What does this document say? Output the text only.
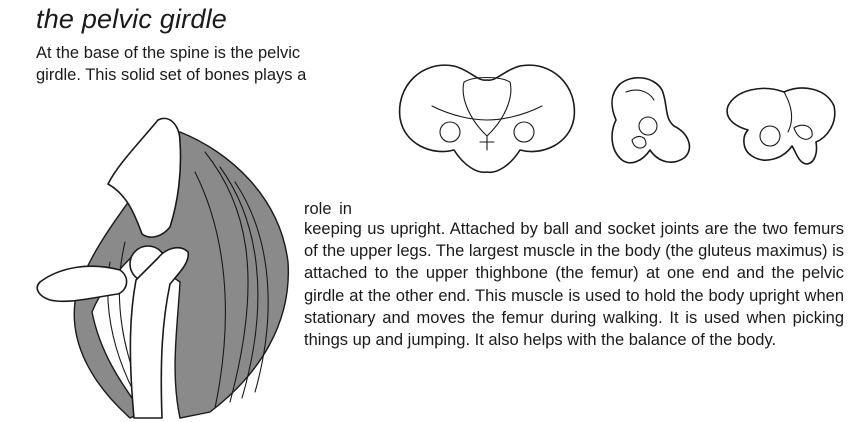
the pelvic girdle
At the base of the spine is the pelvic
girdle. This solid set of bones plays a
role in
keeping us upright. Attached by ball and socket joints are the two femurs of the upper legs. The largest muscle in the body (the gluteus maximus) is attached to the upper thighbone (the femur) at one end and the pelvic girdle at the other end. This muscle is used to hold the body upright when stationary and moves the femur during walking. It is used when picking things up and jumping. It also helps with the balance of the body.
